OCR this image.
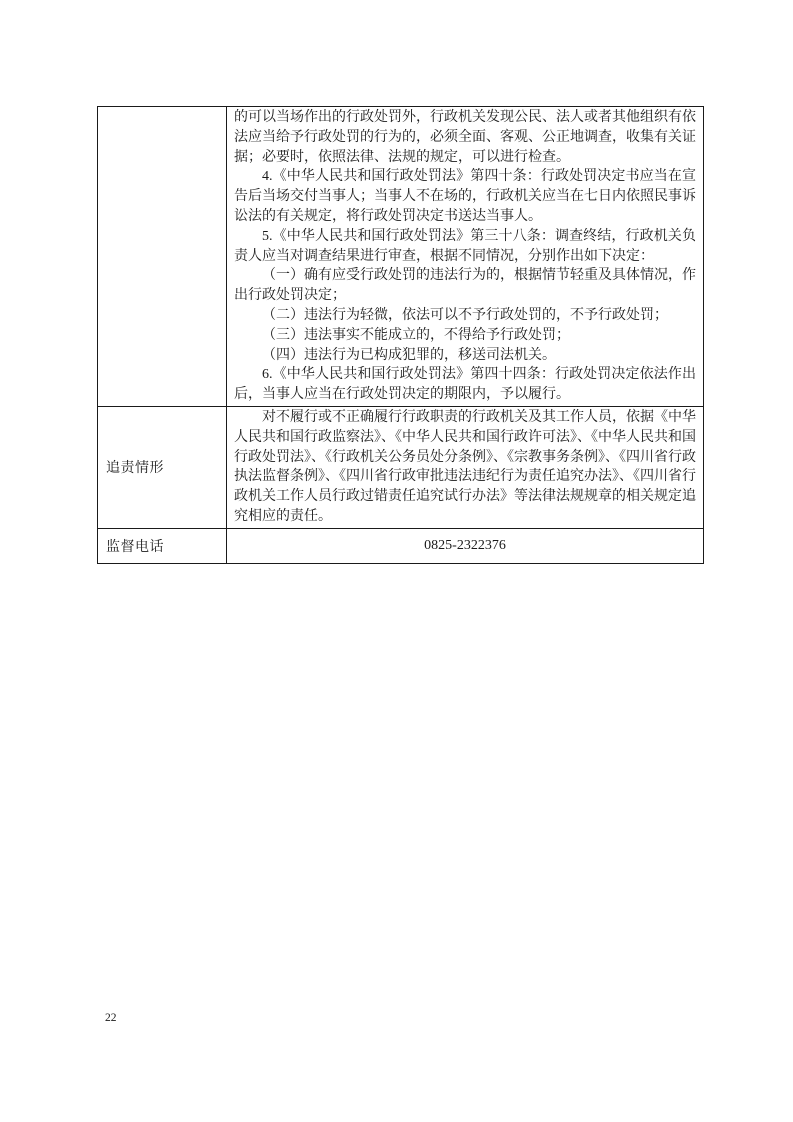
的可以当场作出的行政处罚外，行政机关发现公民、法人或者其他组织有依法应当给予行政处罚的行为的，必须全面、客观、公正地调查，收集有关证据；必要时，依照法律、法规的规定，可以进行检查。

4.《中华人民共和国行政处罚法》第四十条：行政处罚决定书应当在宣告后当场交付当事人；当事人不在场的，行政机关应当在七日内依照民事诉讼法的有关规定，将行政处罚决定书送达当事人。

5.《中华人民共和国行政处罚法》第三十八条：调查终结，行政机关负责人应当对调查结果进行审查，根据不同情况，分别作出如下决定：

（一）确有应受行政处罚的违法行为的，根据情节轻重及具体情况，作出行政处罚决定；

（二）违法行为轻微，依法可以不予行政处罚的，不予行政处罚；

（三）违法事实不能成立的，不得给予行政处罚；

（四）违法行为已构成犯罪的，移送司法机关。

6.《中华人民共和国行政处罚法》第四十四条：行政处罚决定依法作出后，当事人应当在行政处罚决定的期限内，予以履行。

追责情形	对不履行或不正确履行行政职责的行政机关及其工作人员，依据《中华人民共和国行政监察法》、《中华人民共和国行政许可法》、《中华人民共和国行政处罚法》、《行政机关公务员处分条例》、《宗教事务条例》、《四川省行政执法监督条例》、《四川省行政审批违法违纪行为责任追究办法》、《四川省行政机关工作人员行政过错责任追究试行办法》等法律法规规章的相关规定追究相应的责任。

监督电话	0825-2322376
22
